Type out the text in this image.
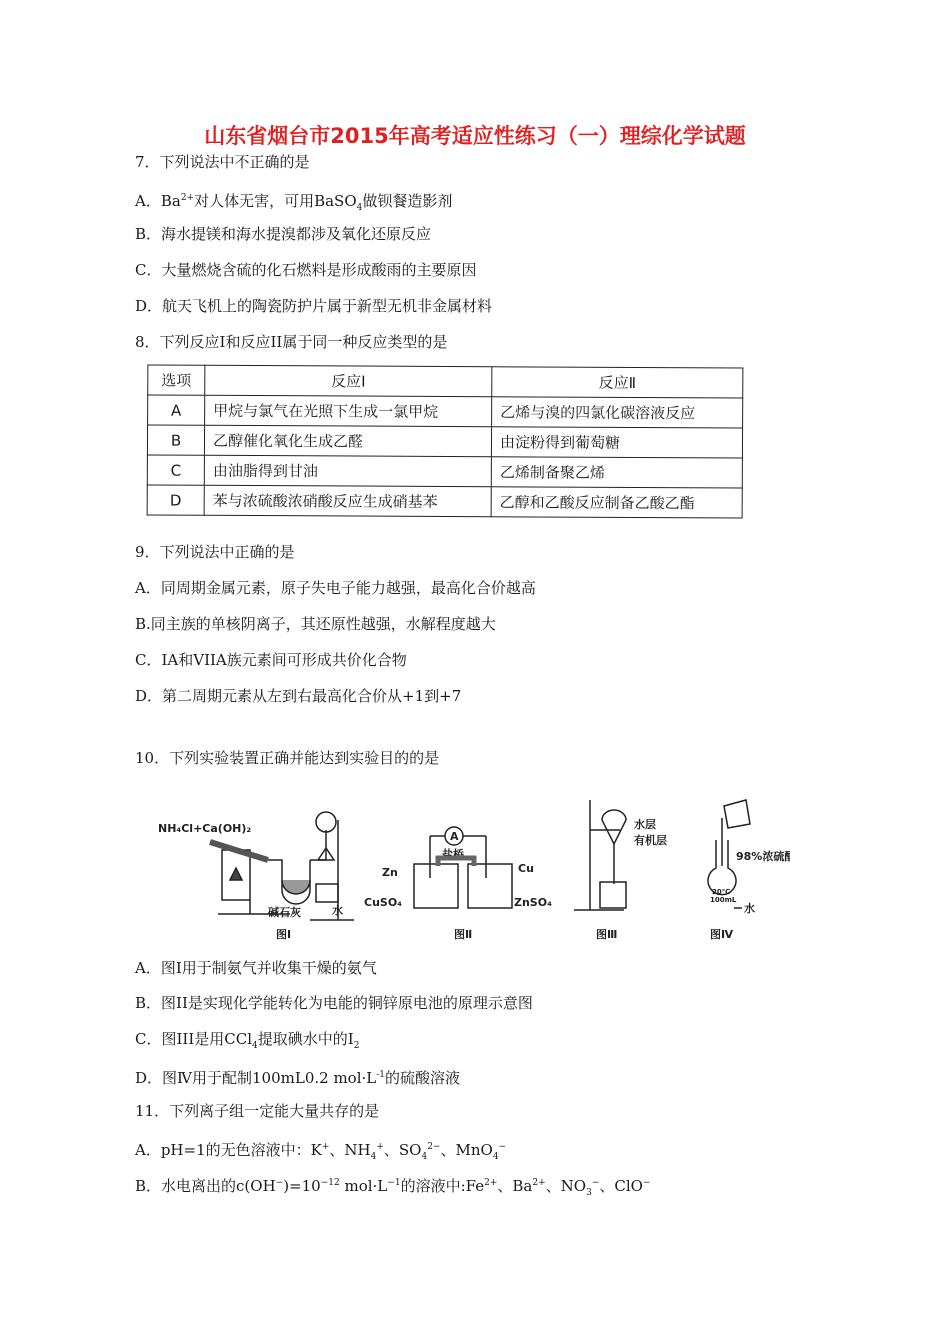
山东省烟台市2015年高考适应性练习（一）理综化学试题
7．下列说法中不正确的是
A．$Ba^{2+}$对人体无害，可用BaSO$_4$做钡餐造影剂
B．海水提镁和海水提溴都涉及氧化还原反应
C．大量燃烧含硫的化石燃料是形成酸雨的主要原因
D．航天飞机上的陶瓷防护片属于新型无机非金属材料
8．下列反应I和反应II属于同一种反应类型的是
选项	反应Ⅰ	反应Ⅱ
A	甲烷与氯气在光照下生成一氯甲烷	乙烯与溴的四氯化碳溶液反应
B	乙醇催化氧化生成乙醛	由淀粉得到葡萄糖
C	由油脂得到甘油	乙烯制备聚乙烯
D	苯与浓硫酸浓硝酸反应生成硝基苯	乙醇和乙酸反应制备乙酸乙酯
9．下列说法中正确的是
A．同周期金属元素，原子失电子能力越强，最高化合价越高
B.同主族的单核阴离子，其还原性越强，水解程度越大
C．IA和VIIA族元素间可形成共价化合物
D．第二周期元素从左到右最高化合价从+1到+7
10．下列实验装置正确并能达到实验目的的是
NH₄Cl+Ca(OH)₂
碱石灰	水
图Ⅰ
A
盐桥
Zn	Cu
CuSO₄	ZnSO₄
图Ⅱ
水层
有机层
图Ⅲ
98%浓硫酸
20℃
100mL
水
图Ⅳ
A．图I用于制氨气并收集干燥的氨气
B．图II是实现化学能转化为电能的铜锌原电池的原理示意图
C．图III是用CCl$_4$提取碘水中的$I_2$
D．图Ⅳ用于配制100mL0.2 $mol\cdot L^{-1}$的硫酸溶液
11．下列离子组一定能大量共存的是
A．pH=1的无色溶液中：K+、$NH_4^+$、$SO_4^{2-}$、MnO$_4$−
B．水电离出的$c(OH^-)=10^{-12}$ $mol\cdot L^{-1}$的溶液中$:Fe^{2+}$、$Ba^{2+}$、$NO_3^-$、ClO−
